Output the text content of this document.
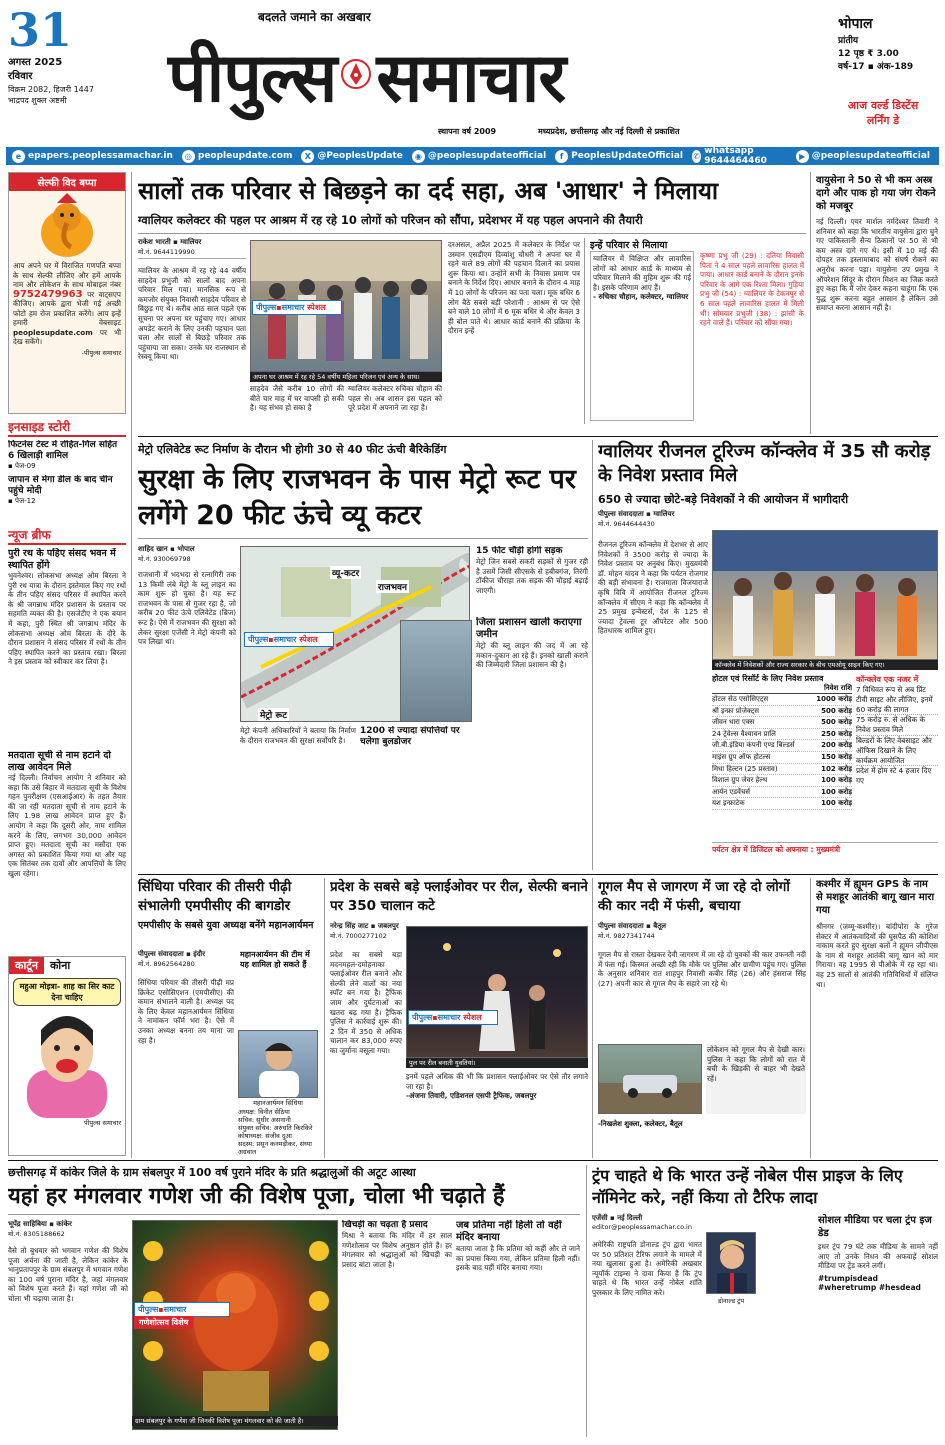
31
अगस्त 2025
रविवार
विक्रम 2082, हिजरी 1447
भाद्रपद शुक्ल अष्टमी
बदलते जमाने का अखबार
पीपुल्स समाचार
स्थापना वर्ष 2009	मध्यप्रदेश, छत्तीसगढ़ और नई दिल्ली से प्रकाशित
भोपाल
प्रांतीय
12 पृष्ठ ₹ 3.00
वर्ष-17 ▪ अंक-189
आज वर्ल्ड डिस्टेंस
लर्निंग डे
e epapers.peoplessamachar.in	◎ peopleupdate.com	X @PeoplesUpdate	◉ @peoplesupdateofficial	f PeoplesUpdateOfficial ✆ whatsapp 9644464460	▶ @peoplesupdateofficial
सेल्फी विद बप्पा
आप अपने घर में विराजित गणपति बप्पा के साथ सेल्फी लीजिए और हमें आपके नाम और लोकेशन के साथ मोबाइल नंबर 9752479963 पर वाट्सएप कीजिए। आपके द्वारा भेजी गई अच्छी फोटो हम रोज प्रकाशित करेंगे। आप इन्हें हमारी वेबसाइट peoplesupdate.com पर भी देख सकेंगे।
-पीपुल्स समाचार
इनसाइड स्टोरी
फिटनेस टेस्ट में रोहित-गिल सहित 6 खिलाड़ी शामिल
▪ पेज-09
जापान से मेगा डील के बाद चीन पहुंचे मोदी
▪ पेज-12
न्यूज ब्रीफ
पुरी रथ के पहिए संसद भवन में स्थापित होंगे
भुवनेश्वर। लोकसभा अध्यक्ष ओम बिरला ने पुरी रथ यात्रा के दौरान इस्तेमाल किए गए रथों के तीन पहिए संसद परिसर में स्थापित करने के श्री जगन्नाथ मंदिर प्रशासन के प्रस्ताव पर सहमति व्यक्त की है। एसजेटीए ने एक बयान में कहा, पुरी स्थित श्री जगन्नाथ मंदिर के लोकसभा अध्यक्ष ओम बिरला के दौरे के दौरान प्रशासन ने संसद परिसर में रथों के तीन पहिए स्थापित करने का प्रस्ताव रखा। बिरला ने इस प्रस्ताव को स्वीकार कर लिया है।
मतदाता सूची से नाम हटाने दो लाख आवेदन मिले
नई दिल्ली। निर्वाचन आयोग ने शनिवार को कहा कि उसे बिहार में मतदाता सूची के विशेष गहन पुनरीक्षण (एसआईआर) के तहत तैयार की जा रही मतदाता सूची से नाम हटाने के लिए 1.98 लाख आवेदन प्राप्त हुए हैं। आयोग ने कहा कि दूसरी ओर, नाम शामिल करने के लिए, लगभग 30,000 आवेदन प्राप्त हुए। मतदाता सूची का मसौदा एक अगस्त को प्रकाशित किया गया था और यह एक सितंबर तक दावों और आपत्तियों के लिए खुला रहेगा।
कार्टून	कोना
महुआ मोइत्रा- शाह का सिर काट देना चाहिए
पीपुल्स समाचार
सालों तक परिवार से बिछड़ने का दर्द सहा, अब 'आधार' ने मिलाया
ग्वालियर कलेक्टर की पहल पर आश्रम में रह रहे 10 लोगों को परिजन को सौंपा, प्रदेशभर में यह पहल अपनाने की तैयारी
राकेश भारती ▪ ग्वालियर
मो.नं. 9644119990
ग्वालियर के आश्रम में रह रहे 44 वर्षीय साहदेव प्रभुजी को सालों बाद अपना परिवार मिल गया। मानसिक रूप से कमजोर संयुक्त निवासी साहदेव परिवार से बिछुड़ गए थे। करीब आठ साल पहले एक सूचना पर अपना घर पहुंचाए गए। आधार अपडेट कराने के लिए उनकी पहचान पता चला और सालों से बिछड़े परिवार तक पहुंचाया जा सका। उनके घर राजस्थान से रेस्क्यू किया था।
पीपुल्स▪समाचार स्पेशल
अपना घर आश्रम में रह रहे 54 वर्षीय महिला परिजन एवं अन्य के साथ।
साहदेव जैसे करीब 10 लोगों की बीते चार माह में घर वापसी हो सकी है। यह संभव हो सका है
ग्वालियर कलेक्टर रुचिका चौहान की पहल से। अब शासन इस पहल को पूरे प्रदेश में अपनाने जा रहा है।
दरअसल, अप्रैल 2025 में कलेक्टर के निर्देश पर उस्मान एसडीएम दिव्यांशु चौधरी ने अपना घर में रहने वाले 89 लोगों की पहचान दिलाने का प्रयास शुरू किया था। उन्होंने सभी के निवास प्रमाण पत्र बनाने के निर्देश दिए। आधार बनाने के दौरान 4 माह में 10 लोगों के परिजन का पता चला। मूक बधिर 6 लोग बैठे सबसे बड़ी परेशानी : आश्रम से पर ऐसे बने वाले 10 लोगों में 6 मूक बधिर थे और केवल 3 ही बोल पाते थे। आधार कार्ड बनाने की प्रक्रिया के दौरान इन्हें
इन्हें परिवार से मिलाया
ग्वालियर में विक्षिप्त और लावारिस लोगों को आधार कार्ड के माध्यम से परिवार मिलाने की मुहिम शुरू की गई है। इसके परिणाम आए हैं।
- रुचिका चौहान, कलेक्टर, ग्वालियर
कृष्णा प्रभु जी (29) : दतिया निवासी पिता ने 4 साल पहले लावारिस हालत में पाया। आधार कार्ड बनाने के दौरान इनके परिवार के आगे एक रिश्ता मिला। गुड़िया प्रभु जी (54) : ग्वालियर के टेकनपुर से 6 साल पहले लावारिस हालत में मिली थी। सोमवार प्रभुजी (38) : झांसी के रहने वाले हैं। परिवार को सौंपा गया।
वायुसेना ने 50 से भी कम अस्त्र दागे और पाक हो गया जंग रोकने को मजबूर
नई दिल्ली। एयर मार्शल नर्मदेश्वर तिवारी ने शनिवार को कहा कि भारतीय वायुसेना द्वारा चुने गए पाकिस्तानी सैन्य ठिकानों पर 50 से भी कम अस्त्र दागे गए थे। इसी में 10 मई की दोपहर तक इस्लामाबाद को संघर्ष रोकने का अनुरोध करना पड़ा। वायुसेना उप प्रमुख ने ऑपरेशन सिंदूर के दौरान मिशन का जिक्र करते हुए कहा कि मैं जोर देकर कहना चाहूंगा कि एक युद्ध शुरू करना बहुत आसान है लेकिन उसे समाप्त करना आसान नहीं है।
मेट्रो एलिवेटेड रूट निर्माण के दौरान भी होगी 30 से 40 फीट ऊंची बैरिकेडिंग
सुरक्षा के लिए राजभवन के पास मेट्रो रूट पर लगेंगे 20 फीट ऊंचे व्यू कटर
शाहिद खान ▪ भोपाल
मो.नं. 930069798
राजधानी में भदभदा से रत्नागिरी तक 13 किमी लंबे मेट्रो के ब्लू लाइन का काम शुरू हो चुका है। यह रूट राजभवन के पास से गुजर रहा है, जो करीब 20 फीट ऊंचे एलिवेटेड (ब्रिज) रूट है। ऐसे में राजभवन की सुरक्षा को लेकर सुरक्षा एजेंसी ने मेट्रो कंपनी को पत्र लिखा था।
व्यू-कटर
राजभवन
मेट्रो रूट
पीपुल्स▪समाचार स्पेशल
15 फीट चौड़ी होगी सड़क
मेट्रो जिन सबसे सकरी सड़कों से गुजर रही है उसमें जिसी सीएसके से हबीबगंज, तिरंगी टॉकीज चौराहा तक सड़क की चौड़ाई बढ़ाई जाएगी।
जिला प्रशासन खाली कराएगा जमीन
मेट्रो की ब्लू लाइन की जद में आ रहे मकान-दुकान आ रहे हैं। इनको खाली कराने की जिम्मेदारी जिला प्रशासन की है।
मेट्रो कंपनी अधिकारियों ने बताया कि निर्माण के दौरान राजभवन की सुरक्षा सर्वोपरि है।
1200 से ज्यादा संपत्तियों पर चलेगा बुलडोजर
ग्वालियर रीजनल टूरिज्म कॉन्क्लेव में 35 सौ करोड़ के निवेश प्रस्ताव मिले
650 से ज्यादा छोटे-बड़े निवेशकों ने की आयोजन में भागीदारी
पीपुल्स संवाददाता ▪ ग्वालियर
मो.नं. 9644644430
रीजनल टूरिज्म कॉन्क्लेव में देशभर से आए निवेशकों ने 3500 करोड़ से ज्यादा के निवेश प्रस्ताव पर अनुबंध किए। मुख्यमंत्री डॉ. मोहन यादव ने कहा कि पर्यटन रोजगार की बड़ी संभावना है। राजमाता विजयाराजे कृषि विवि में आयोजित रीजनल टूरिज्म कॉन्क्लेव में सीएम ने कहा कि कॉन्क्लेव में 25 प्रमुख इन्वेस्टर्स, देश के 125 से ज्यादा ट्रेवल्स टूर ऑपरेटर और 500 हितधारक शामिल हुए।
कॉन्क्लेव में निवेशकों और राज्य सरकार के बीच एमओयू साइन किए गए।
होटल एवं रिसॉर्ट के लिए निवेश प्रस्ताव
निवेश राशि
होटल सेठ एसोसिएट्स	1000 करोड़
श्री इन्फ्रा प्रोजेक्ट्स	500 करोड़
जीवन धारा एक्स	500 करोड़
24 ट्रेवेल्स वैश्यावन प्रालि	250 करोड़
जी.बी.इंडिया कंपनी एण्ड बिल्डर्स	200 करोड़
माइंस ग्रुप ऑफ होटल्स	150 करोड़
मिधा हिल्टन (25 प्रस्ताव)	102 करोड़
विशाल ग्रुप जेवर हेल्थ	100 करोड़
आर्यन एडवेंचर्स	100 करोड़
यश इन्फ्राटेक	100 करोड़
कॉन्क्लेव एक नजर में
7 विधिवत रूप से अब प्रिंट टीवी साइट और लीजिए, इनमें 60 करोड़ की लागत
75 करोड़ रु. से अधिक के निवेश प्रस्ताव मिले
बिल्डरों के लिए वेबसाइट और ऑफिस दिखाने के लिए कार्यक्रम आयोजित
प्रदेश में होम स्टे 4 हजार दिए गए
पर्यटन क्षेत्र में डिजिटल को अपनाया : मुख्यमंत्री
सिंधिया परिवार की तीसरी पीढ़ी संभालेगी एमपीसीए की बागडोर
एमपीसीए के सबसे युवा अध्यक्ष बनेंगे महानआर्यमन
पीपुल्स संवाददाता ▪ इंदौर
मो.नं. 8962564280
सिंधिया परिवार की तीसरी पीढ़ी मप्र क्रिकेट एसोसिएशन (एमपीसीए) की कमान संभालने वाली है। अध्यक्ष पद के लिए केवल महानआर्यमन सिंधिया ने नामांकन फॉर्म भरा है। ऐसे में उनका अध्यक्ष बनना तय माना जा रहा है।
महानआर्यमन सिंधिया
महानआर्यमन की टीम में यह शामिल हो सकते हैं
अध्यक्ष: विनीत सेठिया
सचिव: सुधीर असनानी
संयुक्त सचिव: अरुंधति किरकिरे
कोषाध्यक्ष: संजीव दुआ
सदस्य: प्रसून कनमड़ीकर, संध्या अग्रवाल
प्रदेश के सबसे बड़े फ्लाईओवर पर रील, सेल्फी बनाने पर 350 चालान कटे
नरेन्द्र सिंह जाट ▪ जबलपुर
मो.नं. 7000277102
प्रदेश का सबसे बड़ा मदनमहल-दमोहनाका फ्लाईओवर रील बनाने और सेल्फी लेने वालों का नया स्पॉट बन गया है। ट्रैफिक जाम और दुर्घटनाओं का खतरा बढ़ गया है। ट्रैफिक पुलिस ने कार्रवाई शुरू की। 2 दिन में 350 से अधिक चालान कर 83,000 रुपए का जुर्माना वसूला गया।
पीपुल्स▪समाचार स्पेशल
पुल पर रील बनाती युवतियां।
इनमें पहले अधिक की भी कि प्रशासन फ्लाईओवर पर ऐसे तौर लगाने जा रहा है।
-अंजना तिवारी, एडिशनल एसपी ट्रैफिक, जबलपुर
गूगल मैप से जागरण में जा रहे दो लोगों की कार नदी में फंसी, बचाया
पीपुल्स संवाददाता ▪ बैतूल
मो.नं. 9827341744
गूगल मैप से रास्ता देखकर देवी जागरण में जा रहे दो युवकों की कार उफनती नदी में फंस गई। किस्मत अच्छी रही कि मौके पर पुलिस और ग्रामीण पहुंच गए। पुलिस के अनुसार शनिवार रात शाहपुर निवासी कबीर सिंह (26) और हंसराज सिंह (27) अपनी कार से गूगल मैप के सहारे जा रहे थे।
लोकेशन को गूगल मैप से देखी कार। पुलिस ने कहा कि लोगों को रात में बची के खिड़की से बाहर भी देखते रहें।
-निखलेश शुक्ला, कलेक्टर, बैतूल
कश्मीर में ह्यूमन GPS के नाम से मशहूर आतंकी बागू खान मारा गया
श्रीनगर (जम्मू-कश्मीर)। बांदीपोरा के गुरेज सेक्टर में आतंकवादियों की घुसपैठ की कोशिश नाकाम करते हुए सुरक्षा बलों ने ह्यूमन जीपीएस के नाम से मशहूर आतंकी बागू खान को मार गिराया। वह 1995 से पीओके में रह रहा था। वह 25 सालों से आतंकी गतिविधियों में संलिप्त था।
छत्तीसगढ़ में कांकेर जिले के ग्राम संबलपुर में 100 वर्ष पुराने मंदिर के प्रति श्रद्धालुओं की अटूट आस्था
यहां हर मंगलवार गणेश जी की विशेष पूजा, चोला भी चढ़ाते हैं
भूपेंद्र साहिबिया ▪ कांकेर
मो.नं. 8305188662
वैसे तो बुधवार को भगवान गणेश की विशेष पूजा अर्चना की जाती है, लेकिन कांकेर के भानुप्रतापपुर के ग्राम संबलपुर में भगवान गणेश का 100 वर्ष पुराना मंदिर है, जहां मंगलवार को विशेष पूजा करते हैं। यहां गणेश जी को चोला भी चढ़ाया जाता है।
पीपुल्स▪समाचार
गणेशोत्सव विशेष
ग्राम संबलपुर के गणेश जी जिनकी विशेष पूजा मंगलवार को की जाती है।
खिचड़ी का चढ़ता है प्रसाद
मिश्रा ने बताया कि मंदिर में हर साल गणेशोत्सव पर विशेष अनुष्ठान होते हैं। हर मंगलवार को श्रद्धालुओं को खिचड़ी का प्रसाद बांटा जाता है।
जब प्रतिमा नहीं हिली तो वहीं मंदिर बनाया
बताया जाता है कि प्रतिमा को कहीं और ले जाने का प्रयास किया गया, लेकिन प्रतिमा हिली नहीं। इसके बाद यहीं मंदिर बनाया गया।
ट्रंप चाहते थे कि भारत उन्हें नोबेल पीस प्राइज के लिए नॉमिनेट करे, नहीं किया तो टैरिफ लादा
एजेंसी ▪ नई दिल्ली
editor@peoplessamachar.co.in
अमेरिकी राष्ट्रपति डोनाल्ड ट्रंप द्वारा भारत पर 50 प्रतिशत टैरिफ लगाने के मामले में नया खुलासा हुआ है। अमेरिकी अखबार न्यूयॉर्क टाइम्स ने दावा किया है कि ट्रंप चाहते थे कि भारत उन्हें नोबेल शांति पुरस्कार के लिए नामित करे।
डोनाल्ड ट्रंप
सोशल मीडिया पर चला ट्रंप इज डेड
इधर ट्रंप 79 घंटे तक मीडिया के सामने नहीं आए तो उनके निधन की अफवाहें सोशल मीडिया पर ट्रेंड करने लगीं।
#trumpisdead #wheretrump #hesdead
